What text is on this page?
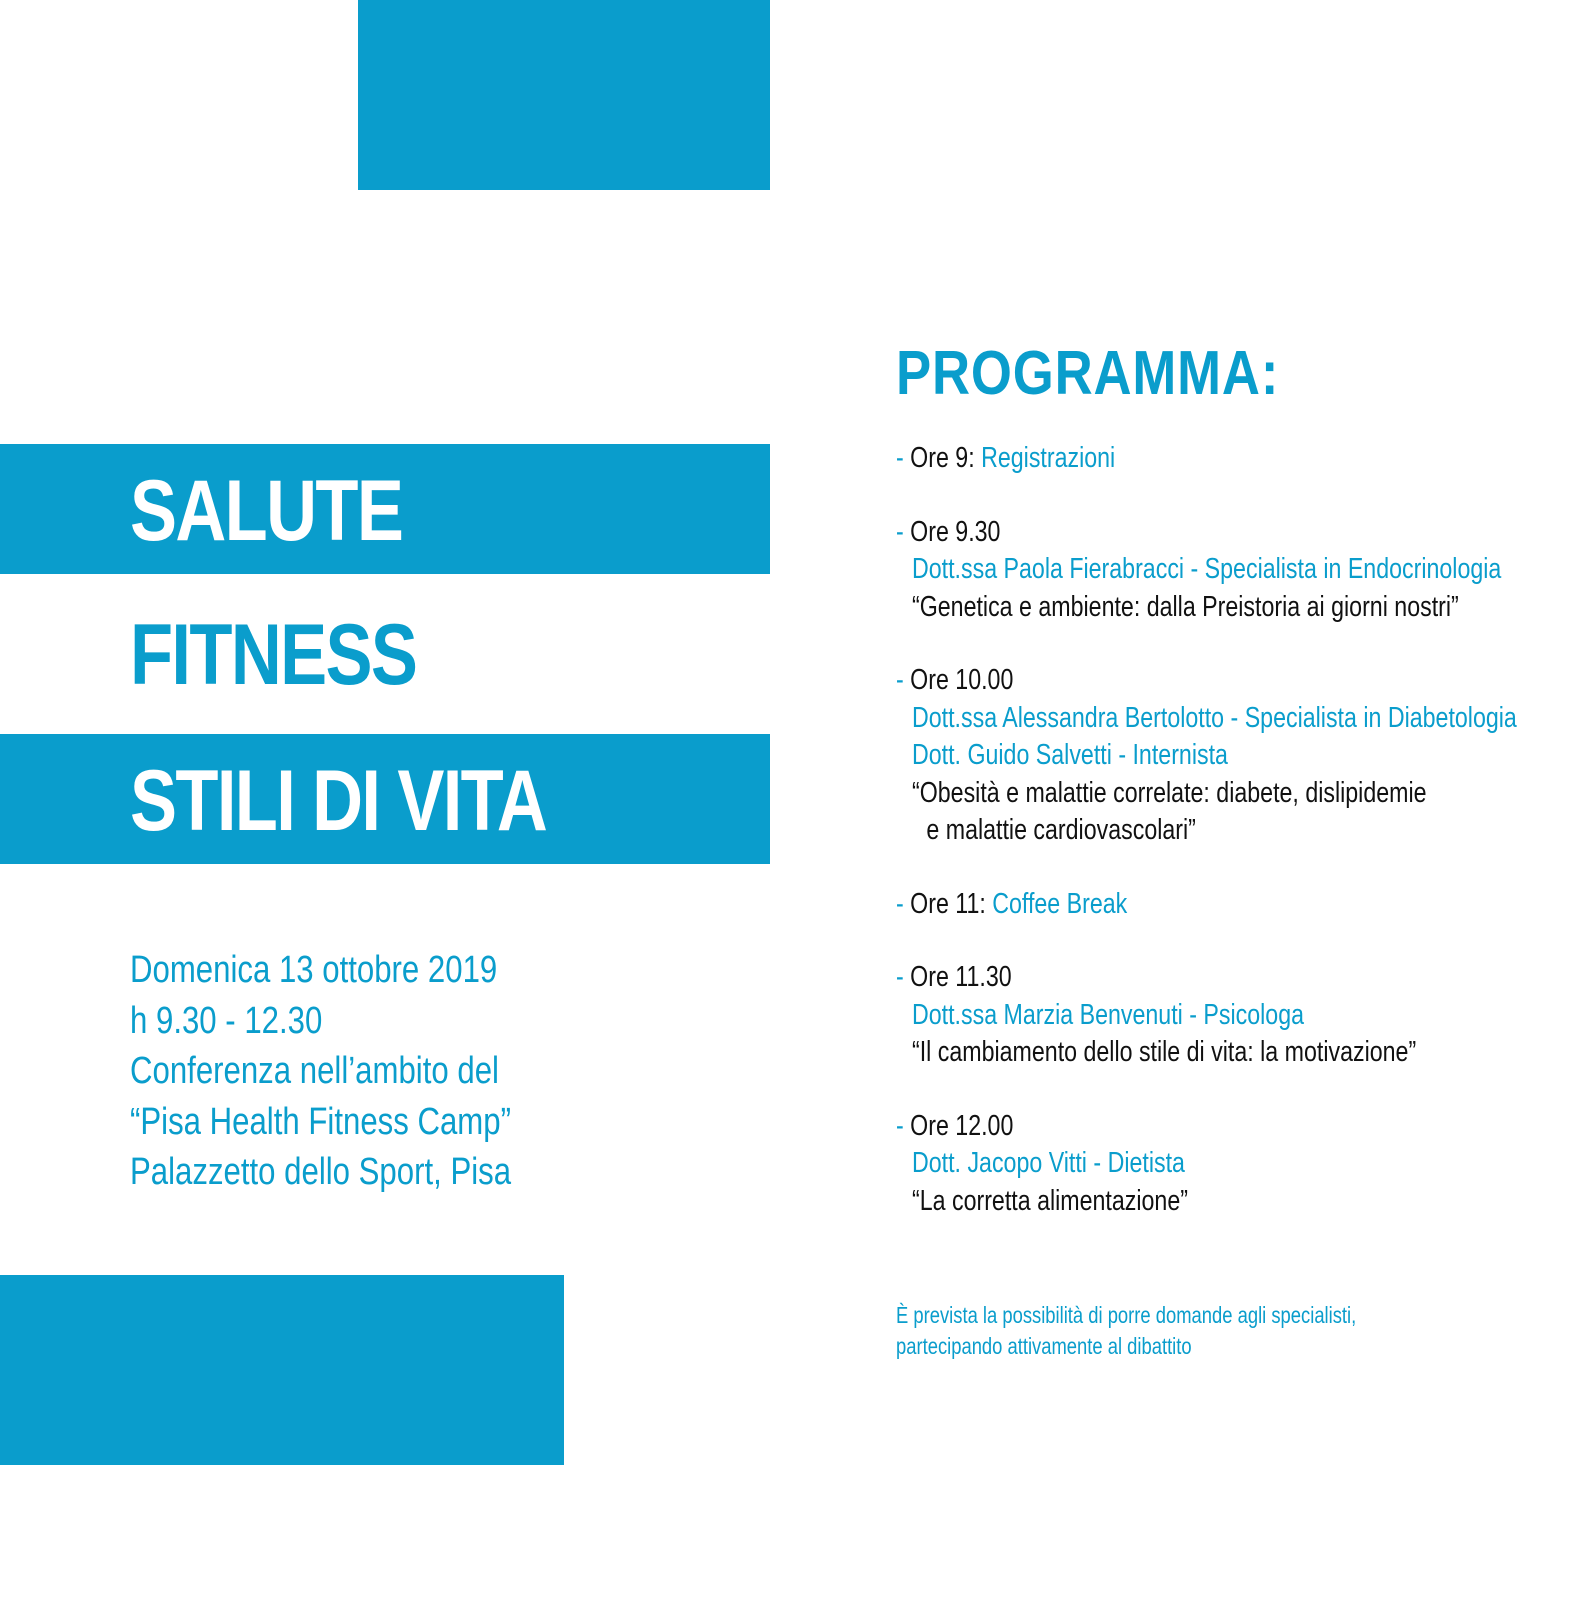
SALUTE
FITNESS
STILI DI VITA
Domenica 13 ottobre 2019
h 9.30 - 12.30
Conferenza nell’ambito del
“Pisa Health Fitness Camp”
Palazzetto dello Sport, Pisa
PROGRAMMA:
- Ore 9: Registrazioni
- Ore 9.30
Dott.ssa Paola Fierabracci - Specialista in Endocrinologia
“Genetica e ambiente: dalla Preistoria ai giorni nostri”
- Ore 10.00
Dott.ssa Alessandra Bertolotto - Specialista in Diabetologia
Dott. Guido Salvetti - Internista
“Obesità e malattie correlate: diabete, dislipidemie
e malattie cardiovascolari”
- Ore 11: Coffee Break
- Ore 11.30
Dott.ssa Marzia Benvenuti - Psicologa
“Il cambiamento dello stile di vita: la motivazione”
- Ore 12.00
Dott. Jacopo Vitti - Dietista
“La corretta alimentazione”
È prevista la possibilità di porre domande agli specialisti,
partecipando attivamente al dibattito
